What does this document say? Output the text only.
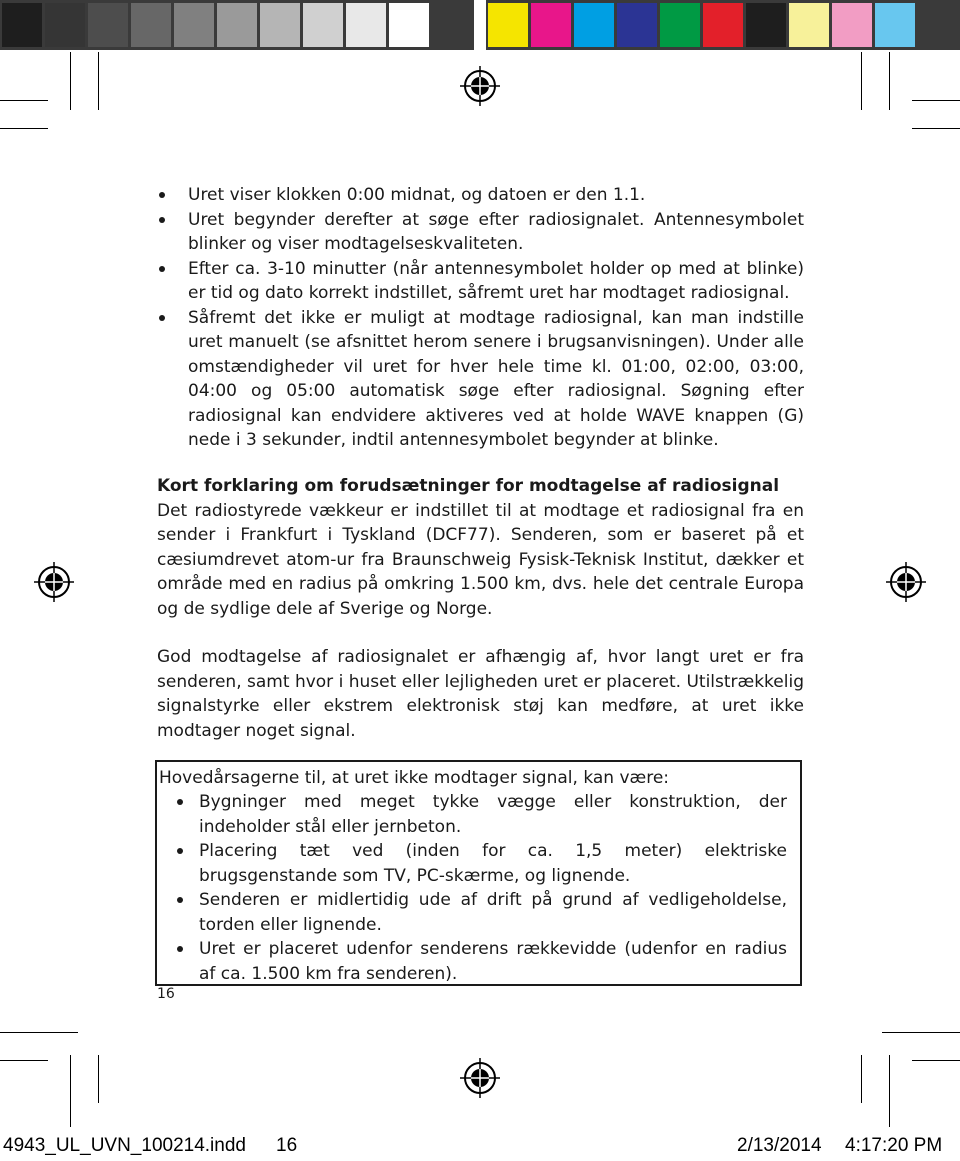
Uret viser klokken 0:00 midnat, og datoen er den 1.1.
Uret begynder derefter at søge efter radiosignalet. Antennesymbolet blinker og viser modtagelseskvaliteten.
Efter ca. 3-10 minutter (når antennesymbolet holder op med at blinke) er tid og dato korrekt indstillet, såfremt uret har modtaget radiosignal.
Såfremt det ikke er muligt at modtage radiosignal, kan man indstille uret manuelt (se afsnittet herom senere i brugsanvisningen). Under alle omstændigheder vil uret for hver hele time kl. 01:00, 02:00, 03:00, 04:00 og 05:00 automatisk søge efter radiosignal. Søgning efter radiosignal kan endvidere aktiveres ved at holde WAVE knappen (G) nede i 3 sekunder, indtil antennesymbolet begynder at blinke.
Kort forklaring om forudsætninger for modtagelse af radiosignal

Det radiostyrede vækkeur er indstillet til at modtage et radiosignal fra en sender i Frankfurt i Tyskland (DCF77). Senderen, som er baseret på et cæsiumdrevet atom-ur fra Braunschweig Fysisk-Teknisk Institut, dækker et område med en radius på omkring 1.500 km, dvs. hele det centrale Europa og de sydlige dele af Sverige og Norge.

God modtagelse af radiosignalet er afhængig af, hvor langt uret er fra senderen, samt hvor i huset eller lejligheden uret er placeret. Utilstrækkelig signalstyrke eller ekstrem elektronisk støj kan medføre, at uret ikke modtager noget signal.

Hovedårsagerne til, at uret ikke modtager signal, kan være:
Bygninger med meget tykke vægge eller konstruktion, der indeholder stål eller jernbeton.
Placering tæt ved (inden for ca. 1,5 meter) elektriske brugsgenstande som TV, PC-skærme, og lignende.
Senderen er midlertidig ude af drift på grund af vedligeholdelse, torden eller lignende.
Uret er placeret udenfor senderens rækkevidde (udenfor en radius af ca. 1.500 km fra senderen).
16
4943_UL_UVN_100214.indd 16	2/13/2014 4:17:20 PM
